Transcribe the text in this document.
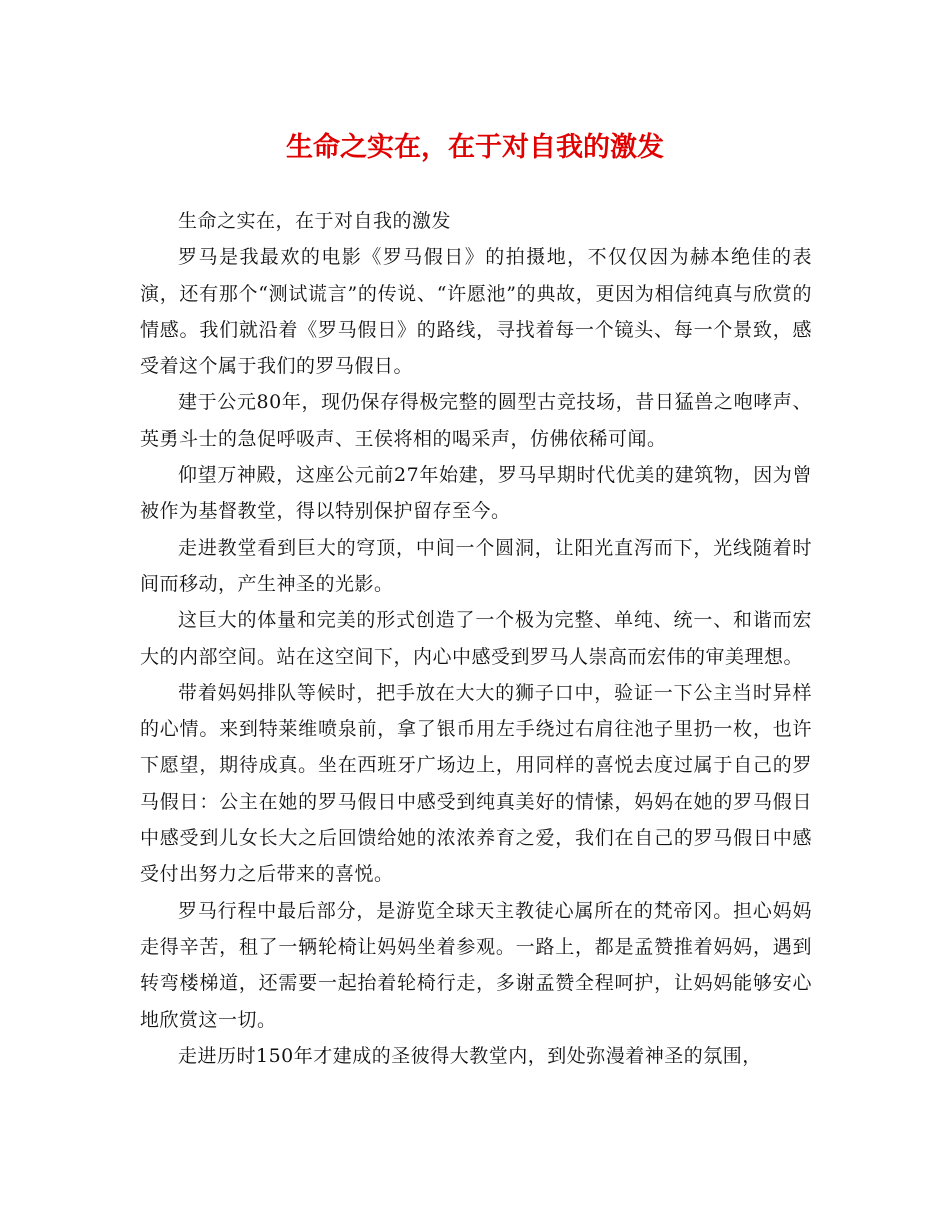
生命之实在，在于对自我的激发

生命之实在，在于对自我的激发

罗马是我最欢的电影《罗马假日》的拍摄地，不仅仅因为赫本绝佳的表演，还有那个“测试谎言”的传说、“许愿池”的典故，更因为相信纯真与欣赏的情感。我们就沿着《罗马假日》的路线，寻找着每一个镜头、每一个景致，感受着这个属于我们的罗马假日。

建于公元80年，现仍保存得极完整的圆型古竞技场，昔日猛兽之咆哮声、英勇斗士的急促呼吸声、王侯将相的喝采声，仿佛依稀可闻。

仰望万神殿，这座公元前27年始建，罗马早期时代优美的建筑物，因为曾被作为基督教堂，得以特别保护留存至今。

走进教堂看到巨大的穹顶，中间一个圆洞，让阳光直泻而下，光线随着时间而移动，产生神圣的光影。

这巨大的体量和完美的形式创造了一个极为完整、单纯、统一、和谐而宏大的内部空间。站在这空间下，内心中感受到罗马人崇高而宏伟的审美理想。

带着妈妈排队等候时，把手放在大大的狮子口中，验证一下公主当时异样的心情。来到特莱维喷泉前，拿了银币用左手绕过右肩往池子里扔一枚，也许下愿望，期待成真。坐在西班牙广场边上，用同样的喜悦去度过属于自己的罗马假日：公主在她的罗马假日中感受到纯真美好的情愫，妈妈在她的罗马假日中感受到儿女长大之后回馈给她的浓浓养育之爱，我们在自己的罗马假日中感受付出努力之后带来的喜悦。

罗马行程中最后部分，是游览全球天主教徒心属所在的梵帝冈。担心妈妈走得辛苦，租了一辆轮椅让妈妈坐着参观。一路上，都是孟赞推着妈妈，遇到转弯楼梯道，还需要一起抬着轮椅行走，多谢孟赞全程呵护，让妈妈能够安心地欣赏这一切。

走进历时150年才建成的圣彼得大教堂内，到处弥漫着神圣的氛围，
